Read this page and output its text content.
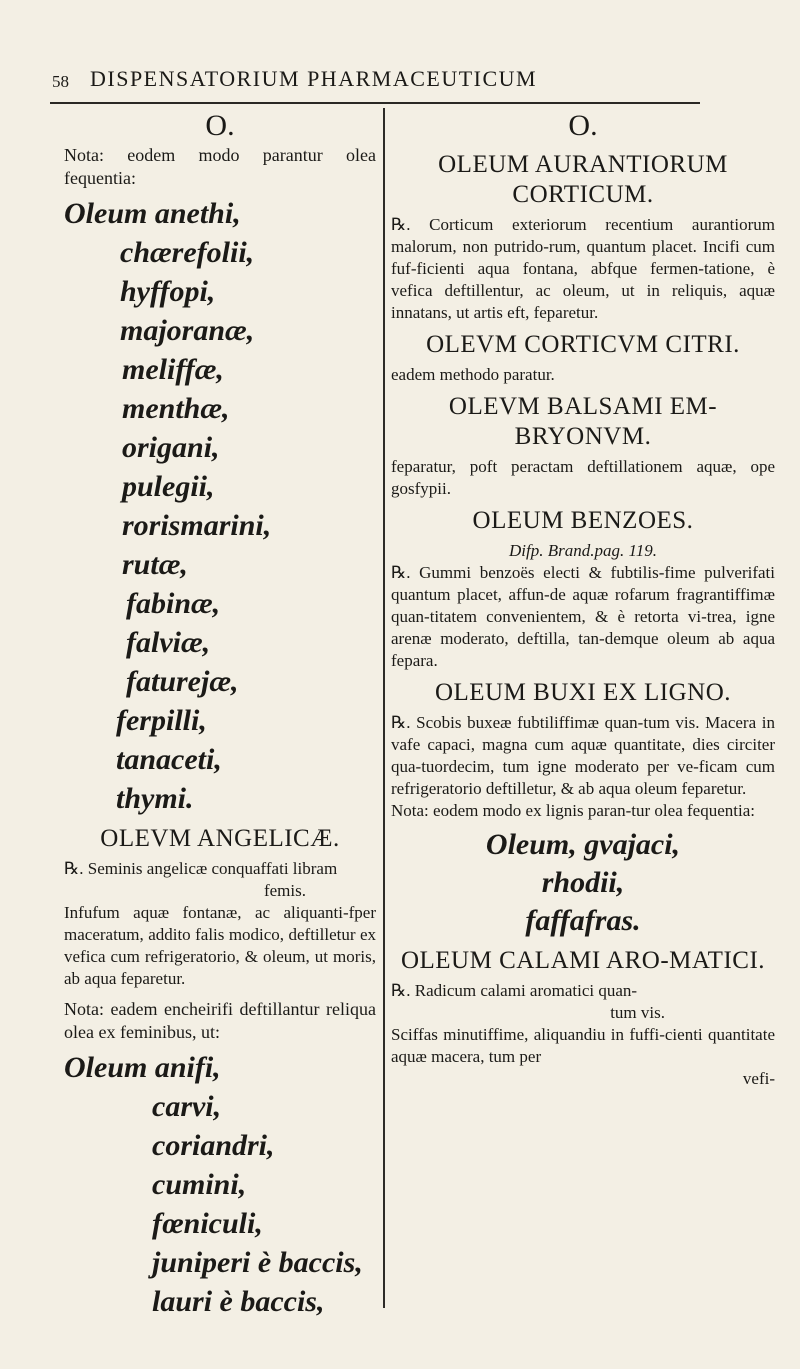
58 DISPENSATORIUM PHARMACEUTICUM
O.

Nota: eodem modo parantur olea fequentia:

Oleum anethi,
chærefolii,
hyffopi,
majoranæ,
meliffæ,
menthæ,
origani,
pulegii,
rorismarini,
rutæ,
fabinæ,
falviæ,
faturejæ,
ferpilli,
tanaceti,
thymi.
OLEVM ANGELICÆ.

℞. Seminis angelicæ conquaffati libram

femis.

Infufum aquæ fontanæ, ac aliquanti-fper maceratum, addito falis modico, deftilletur ex vefica cum refrigeratorio, & oleum, ut moris, ab aqua feparetur.

Nota: eadem encheirifi deftillantur reliqua olea ex feminibus, ut:

Oleum anifi,
carvi,
coriandri,
cumini,
fœniculi,
juniperi è baccis,
lauri è baccis,
O.
OLEUM AURANTIORUM CORTICUM.

℞. Corticum exteriorum recentium aurantiorum malorum, non putrido-rum, quantum placet. Incifi cum fuf-ficienti aqua fontana, abfque fermen-tatione, è vefica deftillentur, ac oleum, ut in reliquis, aquæ innatans, ut artis eft, feparetur.

OLEVM CORTICVM CITRI.

eadem methodo paratur.

OLEVM BALSAMI EM-BRYONVM.

feparatur, poft peractam deftillationem aquæ, ope gosfypii.

OLEUM BENZOES.
Difp. Brand.pag. 119.

℞. Gummi benzoës electi & fubtilis-fime pulverifati quantum placet, affun-de aquæ rofarum fragrantiffimæ quan-titatem convenientem, & è retorta vi-trea, igne arenæ moderato, deftilla, tan-demque oleum ab aqua fepara.

OLEUM BUXI EX LIGNO.

℞. Scobis buxeæ fubtiliffimæ quan-tum vis. Macera in vafe capaci, magna cum aquæ quantitate, dies circiter qua-tuordecim, tum igne moderato per ve-ficam cum refrigeratorio deftilletur, & ab aqua oleum feparetur.

Nota: eodem modo ex lignis paran-tur olea fequentia:

Oleum, gvajaci,
rhodii,
faffafras.
OLEUM CALAMI ARO-MATICI.

℞. Radicum calami aromatici quan-

tum vis.

Sciffas minutiffime, aliquandiu in fuffi-cienti quantitate aquæ macera, tum per

vefi-
